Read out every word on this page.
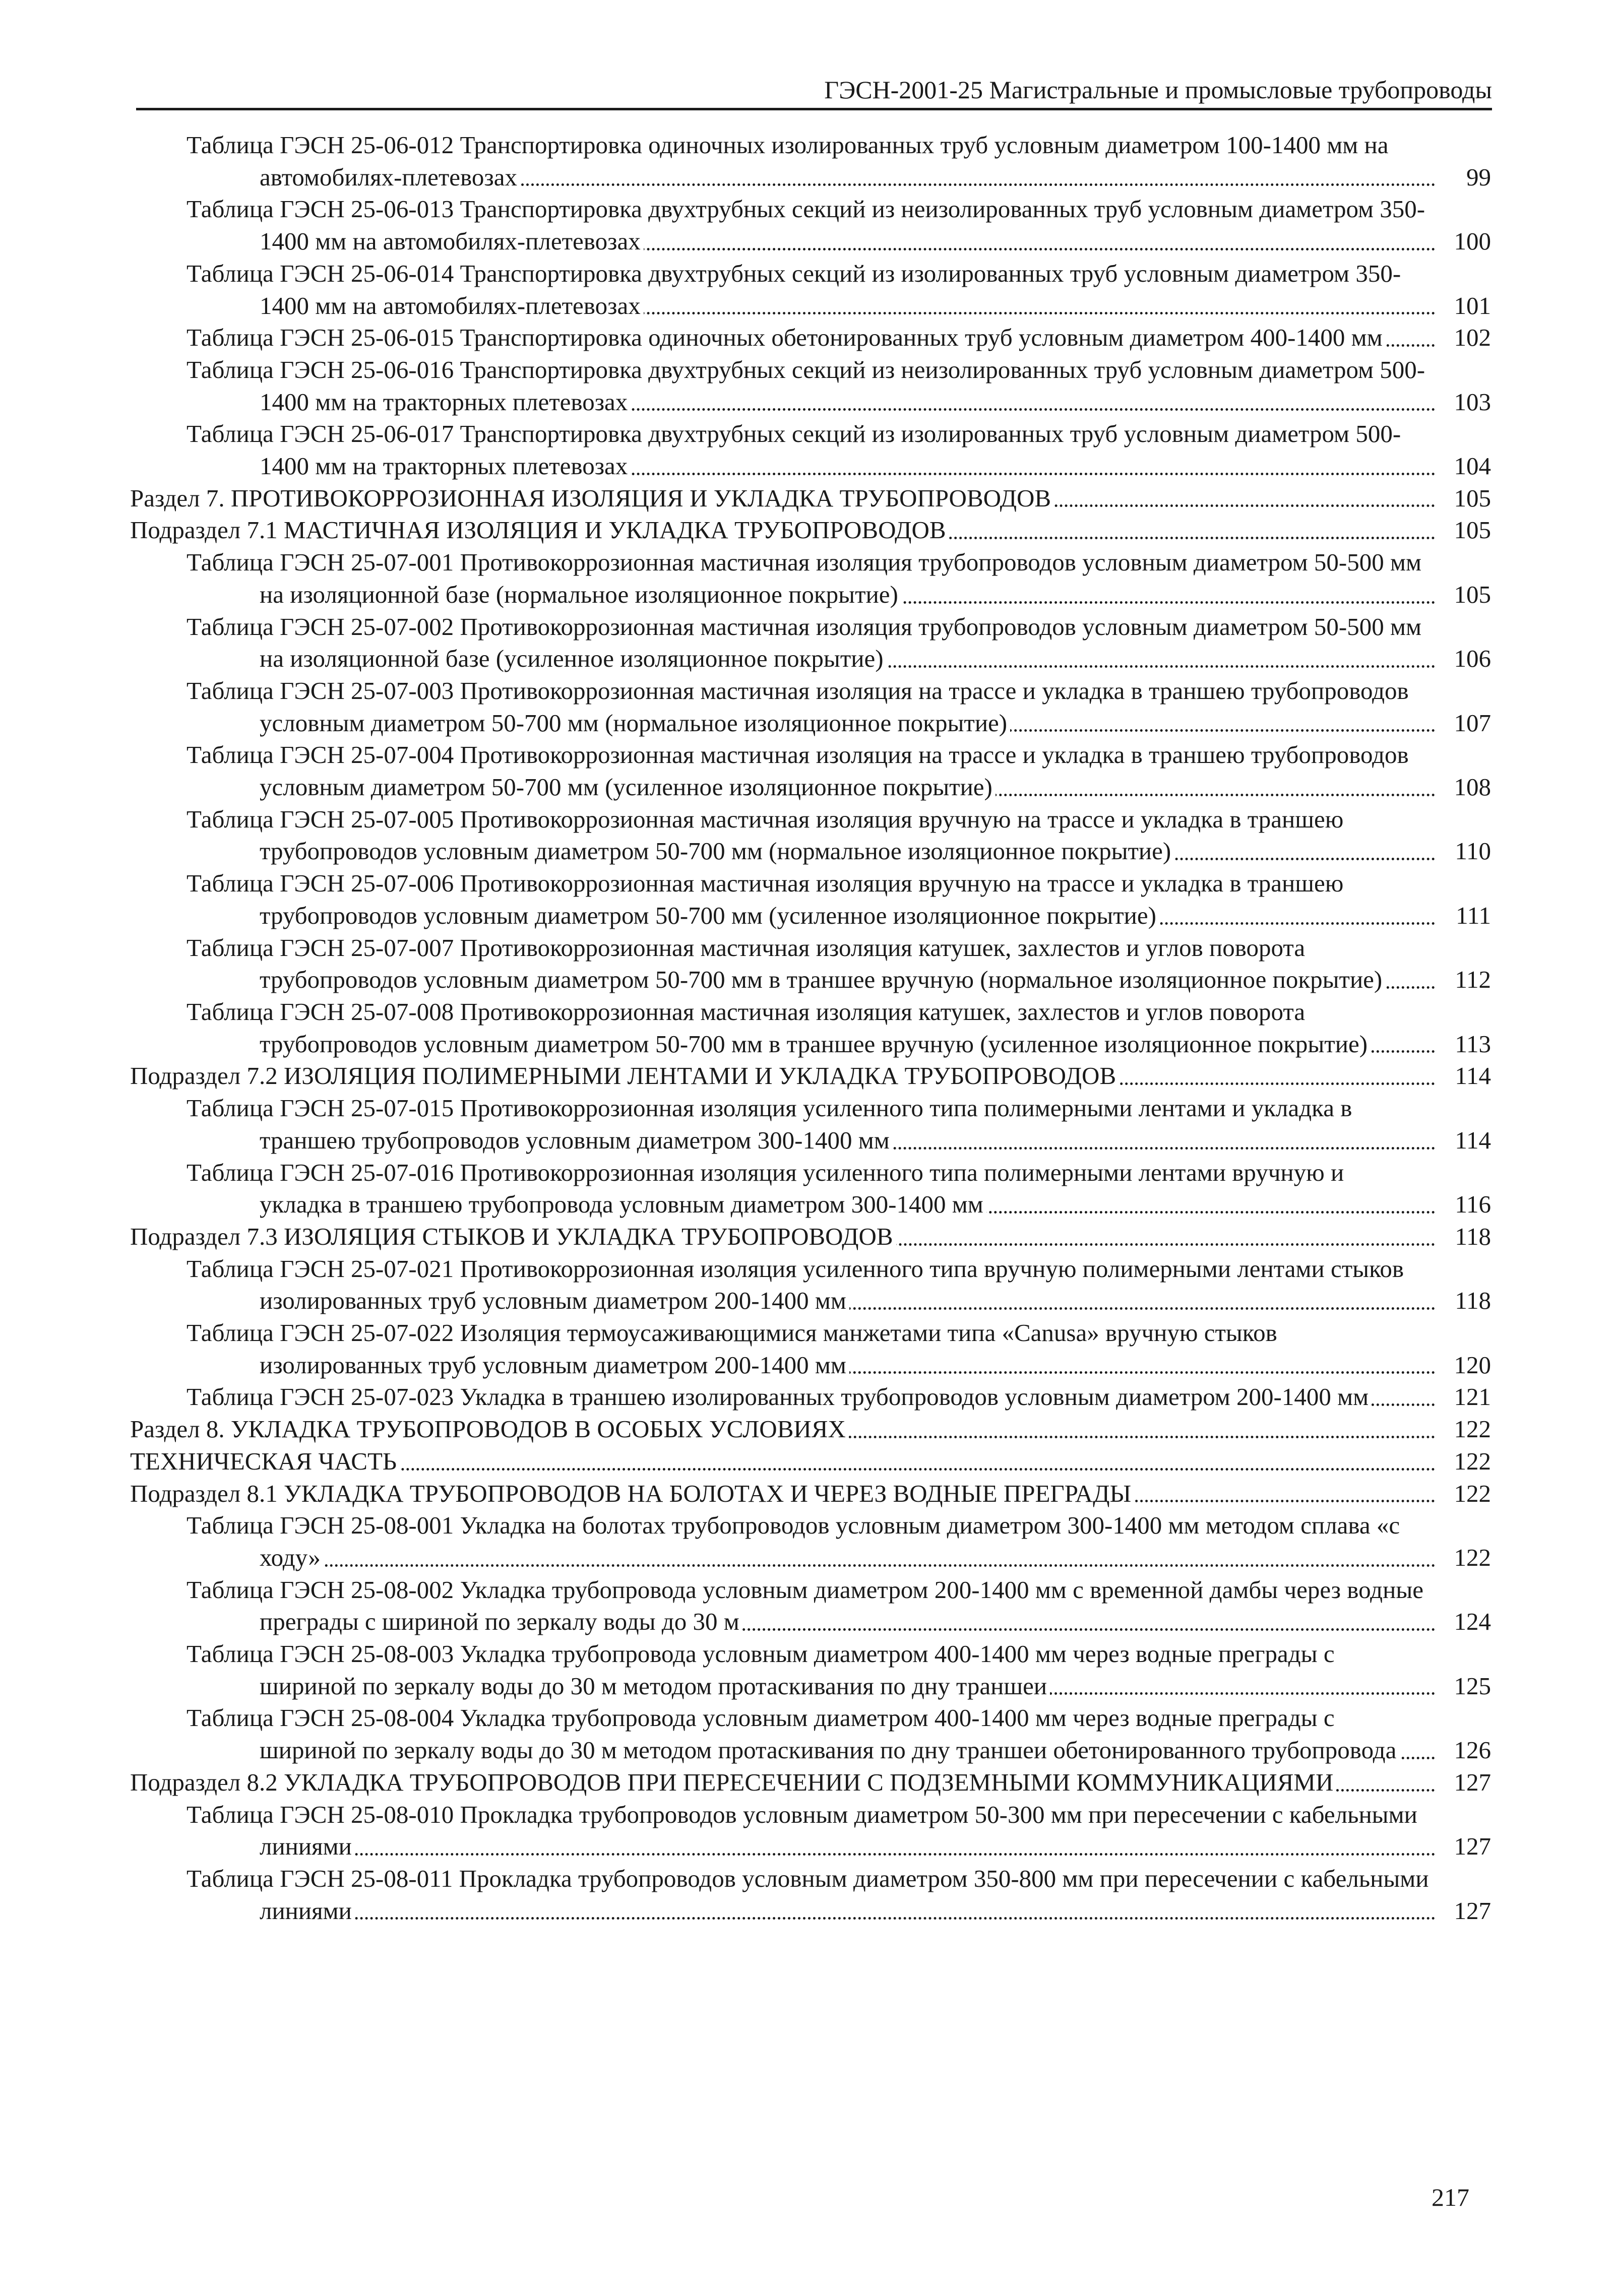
ГЭСН-2001-25 Магистральные и промысловые трубопроводы
Таблица ГЭСН 25-06-012 Транспортировка одиночных изолированных труб условным диаметром 100-1400 мм на автомобилях-плетевозах	99
Таблица ГЭСН 25-06-013 Транспортировка двухтрубных секций из неизолированных труб условным диаметром 350-1400 мм на автомобилях-плетевозах	100
Таблица ГЭСН 25-06-014 Транспортировка двухтрубных секций из изолированных труб условным диаметром 350-1400 мм на автомобилях-плетевозах	101
Таблица ГЭСН 25-06-015 Транспортировка одиночных обетонированных труб условным диаметром 400-1400 мм	102
Таблица ГЭСН 25-06-016 Транспортировка двухтрубных секций из неизолированных труб условным диаметром 500-1400 мм на тракторных плетевозах	103
Таблица ГЭСН 25-06-017 Транспортировка двухтрубных секций из изолированных труб условным диаметром 500-1400 мм на тракторных плетевозах	104
Раздел 7. ПРОТИВОКОРРОЗИОННАЯ ИЗОЛЯЦИЯ И УКЛАДКА ТРУБОПРОВОДОВ	105
Подраздел 7.1 МАСТИЧНАЯ ИЗОЛЯЦИЯ И УКЛАДКА ТРУБОПРОВОДОВ	105
Таблица ГЭСН 25-07-001 Противокоррозионная мастичная изоляция трубопроводов условным диаметром 50-500 мм на изоляционной базе (нормальное изоляционное покрытие)	105
Таблица ГЭСН 25-07-002 Противокоррозионная мастичная изоляция трубопроводов условным диаметром 50-500 мм на изоляционной базе (усиленное изоляционное покрытие)	106
Таблица ГЭСН 25-07-003 Противокоррозионная мастичная изоляция на трассе и укладка в траншею трубопроводов условным диаметром 50-700 мм (нормальное изоляционное покрытие)	107
Таблица ГЭСН 25-07-004 Противокоррозионная мастичная изоляция на трассе и укладка в траншею трубопроводов условным диаметром 50-700 мм (усиленное изоляционное покрытие)	108
Таблица ГЭСН 25-07-005 Противокоррозионная мастичная изоляция вручную на трассе и укладка в траншею трубопроводов условным диаметром 50-700 мм (нормальное изоляционное покрытие)	110
Таблица ГЭСН 25-07-006 Противокоррозионная мастичная изоляция вручную на трассе и укладка в траншею трубопроводов условным диаметром 50-700 мм (усиленное изоляционное покрытие)	111
Таблица ГЭСН 25-07-007 Противокоррозионная мастичная изоляция катушек, захлестов и углов поворота трубопроводов условным диаметром 50-700 мм в траншее вручную (нормальное изоляционное покрытие)	112
Таблица ГЭСН 25-07-008 Противокоррозионная мастичная изоляция катушек, захлестов и углов поворота трубопроводов условным диаметром 50-700 мм в траншее вручную (усиленное изоляционное покрытие)	113
Подраздел 7.2 ИЗОЛЯЦИЯ ПОЛИМЕРНЫМИ ЛЕНТАМИ И УКЛАДКА ТРУБОПРОВОДОВ	114
Таблица ГЭСН 25-07-015 Противокоррозионная изоляция усиленного типа полимерными лентами и укладка в траншею трубопроводов условным диаметром 300-1400 мм	114
Таблица ГЭСН 25-07-016 Противокоррозионная изоляция усиленного типа полимерными лентами вручную и укладка в траншею трубопровода условным диаметром 300-1400 мм	116
Подраздел 7.3 ИЗОЛЯЦИЯ СТЫКОВ И УКЛАДКА ТРУБОПРОВОДОВ	118
Таблица ГЭСН 25-07-021 Противокоррозионная изоляция усиленного типа вручную полимерными лентами стыков изолированных труб условным диаметром 200-1400 мм	118
Таблица ГЭСН 25-07-022 Изоляция термоусаживающимися манжетами типа «Canusa» вручную стыков изолированных труб условным диаметром 200-1400 мм	120
Таблица ГЭСН 25-07-023 Укладка в траншею изолированных трубопроводов условным диаметром 200-1400 мм	121
Раздел 8. УКЛАДКА ТРУБОПРОВОДОВ В ОСОБЫХ УСЛОВИЯХ	122
ТЕХНИЧЕСКАЯ ЧАСТЬ	122
Подраздел 8.1 УКЛАДКА ТРУБОПРОВОДОВ НА БОЛОТАХ И ЧЕРЕЗ ВОДНЫЕ ПРЕГРАДЫ	122
Таблица ГЭСН 25-08-001 Укладка на болотах трубопроводов условным диаметром 300-1400 мм методом сплава «с ходу»	122
Таблица ГЭСН 25-08-002 Укладка трубопровода условным диаметром 200-1400 мм с временной дамбы через водные преграды с шириной по зеркалу воды до 30 м	124
Таблица ГЭСН 25-08-003 Укладка трубопровода условным диаметром 400-1400 мм через водные преграды с шириной по зеркалу воды до 30 м методом протаскивания по дну траншеи	125
Таблица ГЭСН 25-08-004 Укладка трубопровода условным диаметром 400-1400 мм через водные преграды с шириной по зеркалу воды до 30 м методом протаскивания по дну траншеи обетонированного трубопровода	126
Подраздел 8.2 УКЛАДКА ТРУБОПРОВОДОВ ПРИ ПЕРЕСЕЧЕНИИ С ПОДЗЕМНЫМИ КОММУНИКАЦИЯМИ	127
Таблица ГЭСН 25-08-010 Прокладка трубопроводов условным диаметром 50-300 мм при пересечении с кабельными линиями	127
Таблица ГЭСН 25-08-011 Прокладка трубопроводов условным диаметром 350-800 мм при пересечении с кабельными линиями	127
217
